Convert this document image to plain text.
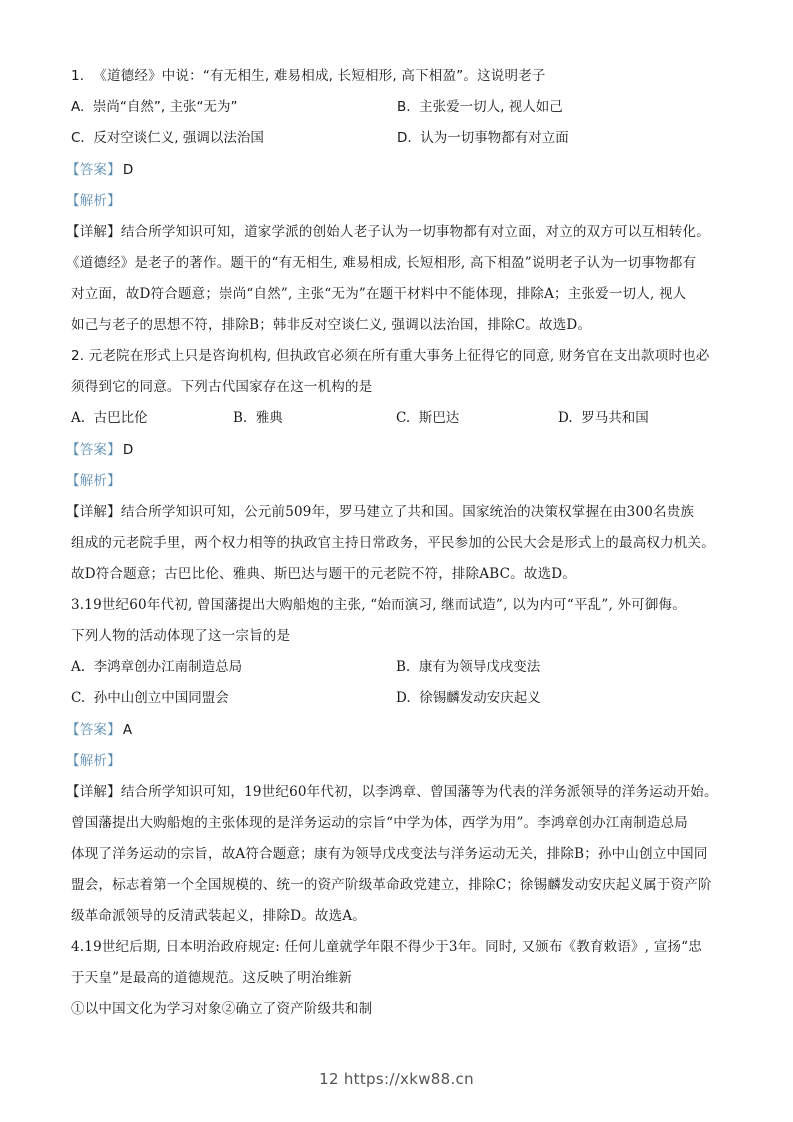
1. 《道德经》中说：“有无相生, 难易相成, 长短相形, 高下相盈”。这说明老子
A. 崇尚“自然”, 主张“无为”	B. 主张爱一切人, 视人如己
C. 反对空谈仁义, 强调以法治国	D. 认为一切事物都有对立面
【答案】 D
【解析】
【详解】结合所学知识可知，道家学派的创始人老子认为一切事物都有对立面，对立的双方可以互相转化。
《道德经》是老子的著作。题干的“有无相生, 难易相成, 长短相形, 高下相盈”说明老子认为一切事物都有
对立面，故D符合题意；崇尚“自然”, 主张“无为”在题干材料中不能体现，排除A；主张爱一切人, 视人
如己与老子的思想不符，排除B；韩非反对空谈仁义, 强调以法治国，排除C。故选D。
2. 元老院在形式上只是咨询机构, 但执政官必须在所有重大事务上征得它的同意, 财务官在支出款项时也必
须得到它的同意。下列古代国家存在这一机构的是
A. 古巴比伦	B. 雅典	C. 斯巴达	D. 罗马共和国
【答案】 D
【解析】
【详解】结合所学知识可知，公元前509年，罗马建立了共和国。国家统治的决策权掌握在由300名贵族
组成的元老院手里，两个权力相等的执政官主持日常政务，平民参加的公民大会是形式上的最高权力机关。
故D符合题意；古巴比伦、雅典、斯巴达与题干的元老院不符，排除ABC。故选D。
3.19世纪60年代初, 曾国藩提出大购船炮的主张, “始而演习, 继而试造”, 以为内可“平乱”, 外可御侮。
下列人物的活动体现了这一宗旨的是
A. 李鸿章创办江南制造总局	B. 康有为领导戊戌变法
C. 孙中山创立中国同盟会	D. 徐锡麟发动安庆起义
【答案】 A
【解析】
【详解】结合所学知识可知，19世纪60年代初，以李鸿章、曾国藩等为代表的洋务派领导的洋务运动开始。
曾国藩提出大购船炮的主张体现的是洋务运动的宗旨“中学为体，西学为用”。李鸿章创办江南制造总局
体现了洋务运动的宗旨，故A符合题意；康有为领导戊戌变法与洋务运动无关，排除B；孙中山创立中国同
盟会，标志着第一个全国规模的、统一的资产阶级革命政党建立，排除C；徐锡麟发动安庆起义属于资产阶
级革命派领导的反清武装起义，排除D。故选A。
4.19世纪后期, 日本明治政府规定: 任何儿童就学年限不得少于3年。同时, 又颁布《教育敕语》, 宣扬“忠
于天皇”是最高的道德规范。这反映了明治维新
①以中国文化为学习对象②确立了资产阶级共和制
12 https://xkw88.cn
